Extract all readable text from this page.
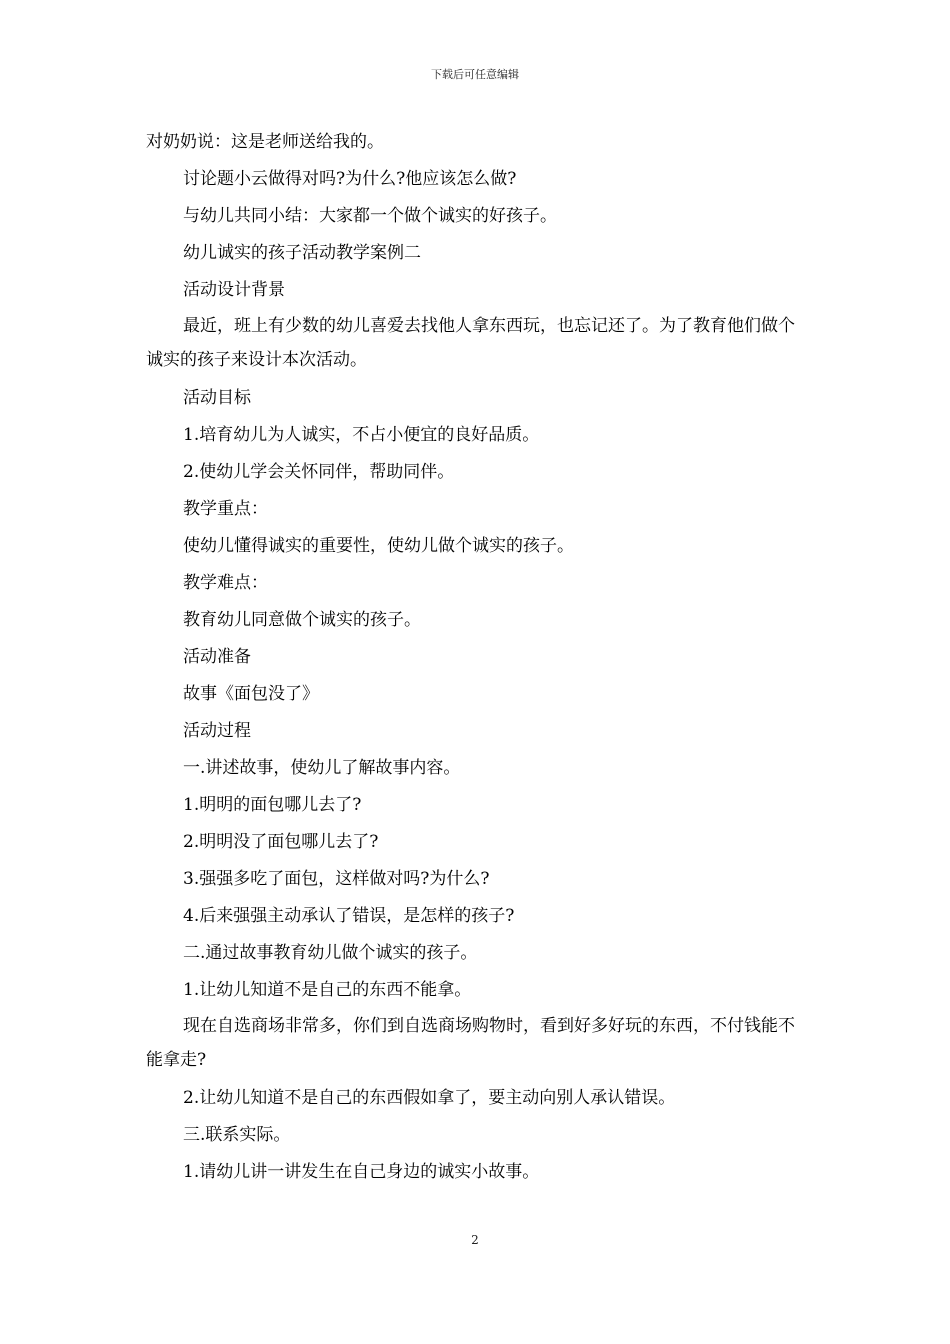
下载后可任意编辑

对奶奶说：这是老师送给我的。

讨论题小云做得对吗?为什么?他应该怎么做?

与幼儿共同小结：大家都一个做个诚实的好孩子。

幼儿诚实的孩子活动教学案例二

活动设计背景

最近，班上有少数的幼儿喜爱去找他人拿东西玩，也忘记还了。为了教育他们做个诚实的孩子来设计本次活动。

活动目标

1.培育幼儿为人诚实，不占小便宜的良好品质。

2.使幼儿学会关怀同伴，帮助同伴。

教学重点：

使幼儿懂得诚实的重要性，使幼儿做个诚实的孩子。

教学难点：

教育幼儿同意做个诚实的孩子。

活动准备

故事《面包没了》

活动过程

一.讲述故事，使幼儿了解故事内容。

1.明明的面包哪儿去了?

2.明明没了面包哪儿去了?

3.强强多吃了面包，这样做对吗?为什么?

4.后来强强主动承认了错误，是怎样的孩子?

二.通过故事教育幼儿做个诚实的孩子。

1.让幼儿知道不是自己的东西不能拿。

现在自选商场非常多，你们到自选商场购物时，看到好多好玩的东西，不付钱能不能拿走?

2.让幼儿知道不是自己的东西假如拿了，要主动向别人承认错误。

三.联系实际。

1.请幼儿讲一讲发生在自己身边的诚实小故事。

2
